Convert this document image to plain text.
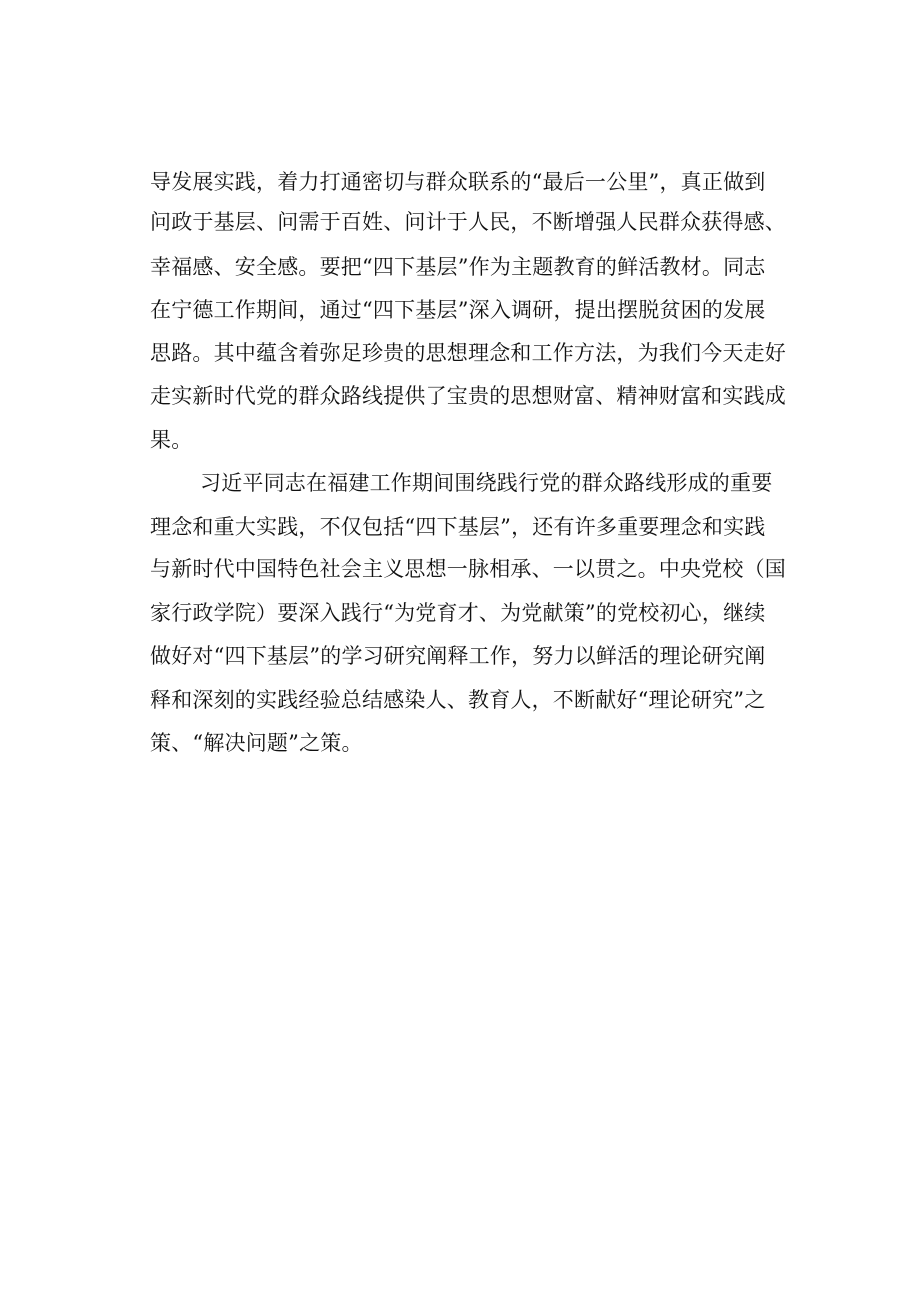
导发展实践，着力打通密切与群众联系的“最后一公里”，真正做到
问政于基层、问需于百姓、问计于人民，不断增强人民群众获得感、
幸福感、安全感。要把“四下基层”作为主题教育的鲜活教材。同志
在宁德工作期间，通过“四下基层”深入调研，提出摆脱贫困的发展
思路。其中蕴含着弥足珍贵的思想理念和工作方法，为我们今天走好
走实新时代党的群众路线提供了宝贵的思想财富、精神财富和实践成
果。
习近平同志在福建工作期间围绕践行党的群众路线形成的重要
理念和重大实践，不仅包括“四下基层”，还有许多重要理念和实践
与新时代中国特色社会主义思想一脉相承、一以贯之。中央党校（国
家行政学院）要深入践行“为党育才、为党献策”的党校初心，继续
做好对“四下基层”的学习研究阐释工作，努力以鲜活的理论研究阐
释和深刻的实践经验总结感染人、教育人，不断献好“理论研究”之
策、“解决问题”之策。
